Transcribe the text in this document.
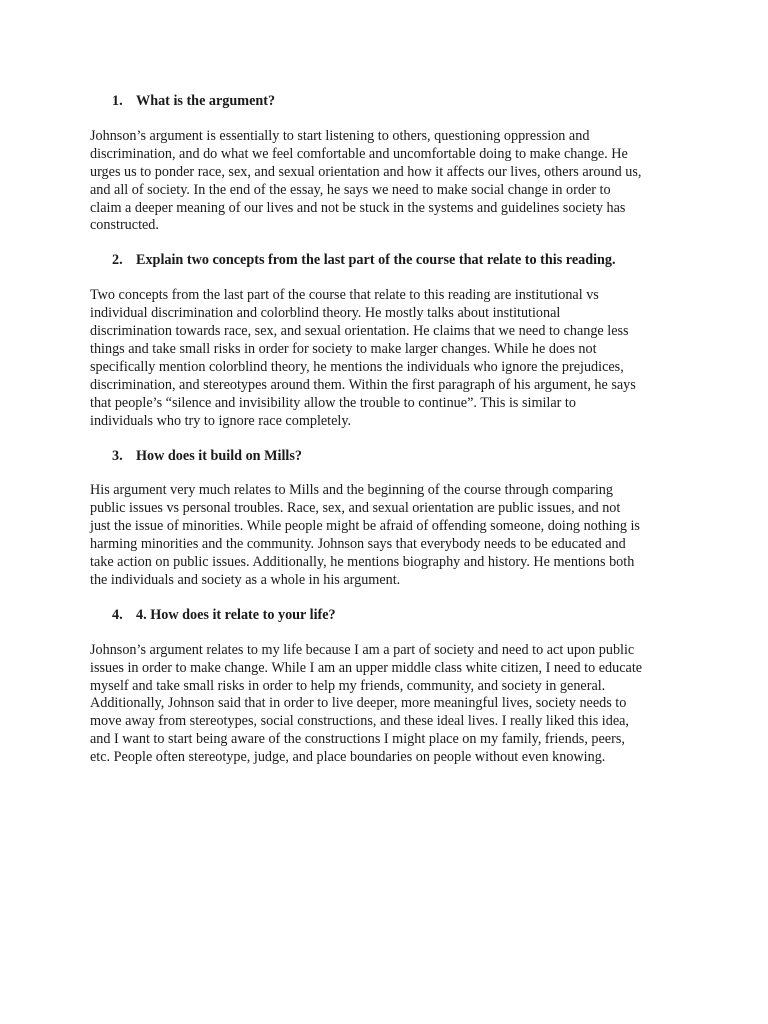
1. What is the argument?
Johnson’s argument is essentially to start listening to others, questioning oppression and
discrimination, and do what we feel comfortable and uncomfortable doing to make change. He
urges us to ponder race, sex, and sexual orientation and how it affects our lives, others around us,
and all of society. In the end of the essay, he says we need to make social change in order to
claim a deeper meaning of our lives and not be stuck in the systems and guidelines society has
constructed.
2. Explain two concepts from the last part of the course that relate to this reading.
Two concepts from the last part of the course that relate to this reading are institutional vs
individual discrimination and colorblind theory. He mostly talks about institutional
discrimination towards race, sex, and sexual orientation. He claims that we need to change less
things and take small risks in order for society to make larger changes. While he does not
specifically mention colorblind theory, he mentions the individuals who ignore the prejudices,
discrimination, and stereotypes around them. Within the first paragraph of his argument, he says
that people’s “silence and invisibility allow the trouble to continue”. This is similar to
individuals who try to ignore race completely.
3. How does it build on Mills?
His argument very much relates to Mills and the beginning of the course through comparing
public issues vs personal troubles. Race, sex, and sexual orientation are public issues, and not
just the issue of minorities. While people might be afraid of offending someone, doing nothing is
harming minorities and the community. Johnson says that everybody needs to be educated and
take action on public issues. Additionally, he mentions biography and history. He mentions both
the individuals and society as a whole in his argument.
4. 4. How does it relate to your life?
Johnson’s argument relates to my life because I am a part of society and need to act upon public
issues in order to make change. While I am an upper middle class white citizen, I need to educate
myself and take small risks in order to help my friends, community, and society in general.
Additionally, Johnson said that in order to live deeper, more meaningful lives, society needs to
move away from stereotypes, social constructions, and these ideal lives. I really liked this idea,
and I want to start being aware of the constructions I might place on my family, friends, peers,
etc. People often stereotype, judge, and place boundaries on people without even knowing.
